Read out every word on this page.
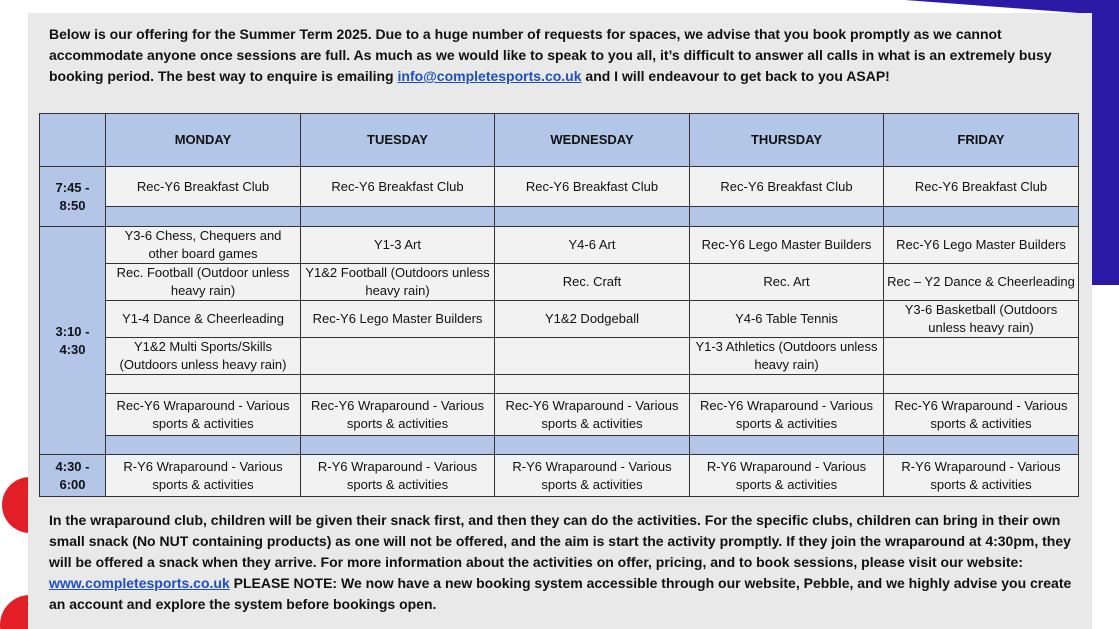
Below is our offering for the Summer Term 2025. Due to a huge number of requests for spaces, we advise that you book promptly as we cannot accommodate anyone once sessions are full. As much as we would like to speak to you all, it’s difficult to answer all calls in what is an extremely busy booking period. The best way to enquire is emailing info@completesports.co.uk and I will endeavour to get back to you ASAP!
	MONDAY	TUESDAY	WEDNESDAY	THURSDAY	FRIDAY
7:45 - 8:50	Rec-Y6 Breakfast Club	Rec-Y6 Breakfast Club	Rec-Y6 Breakfast Club	Rec-Y6 Breakfast Club	Rec-Y6 Breakfast Club

3:10 - 4:30	Y3-6 Chess, Chequers and other board games	Y1-3 Art	Y4-6 Art	Rec-Y6 Lego Master Builders	Rec-Y6 Lego Master Builders
	Rec. Football (Outdoor unless heavy rain)	Y1&2 Football (Outdoors unless heavy rain)	Rec. Craft	Rec. Art	Rec – Y2 Dance & Cheerleading
	Y1-4 Dance & Cheerleading	Rec-Y6 Lego Master Builders	Y1&2 Dodgeball	Y4-6 Table Tennis	Y3-6 Basketball (Outdoors unless heavy rain)
	Y1&2 Multi Sports/Skills (Outdoors unless heavy rain)			Y1-3 Athletics (Outdoors unless heavy rain)	

	Rec-Y6 Wraparound - Various sports & activities	Rec-Y6 Wraparound - Various sports & activities	Rec-Y6 Wraparound - Various sports & activities	Rec-Y6 Wraparound - Various sports & activities	Rec-Y6 Wraparound - Various sports & activities

4:30 - 6:00	R-Y6 Wraparound - Various sports & activities	R-Y6 Wraparound - Various sports & activities	R-Y6 Wraparound - Various sports & activities	R-Y6 Wraparound - Various sports & activities	R-Y6 Wraparound - Various sports & activities
In the wraparound club, children will be given their snack first, and then they can do the activities. For the specific clubs, children can bring in their own small snack (No NUT containing products) as one will not be offered, and the aim is start the activity promptly. If they join the wraparound at 4:30pm, they will be offered a snack when they arrive. For more information about the activities on offer, pricing, and to book sessions, please visit our website: www.completesports.co.uk PLEASE NOTE: We now have a new booking system accessible through our website, Pebble, and we highly advise you create an account and explore the system before bookings open.
